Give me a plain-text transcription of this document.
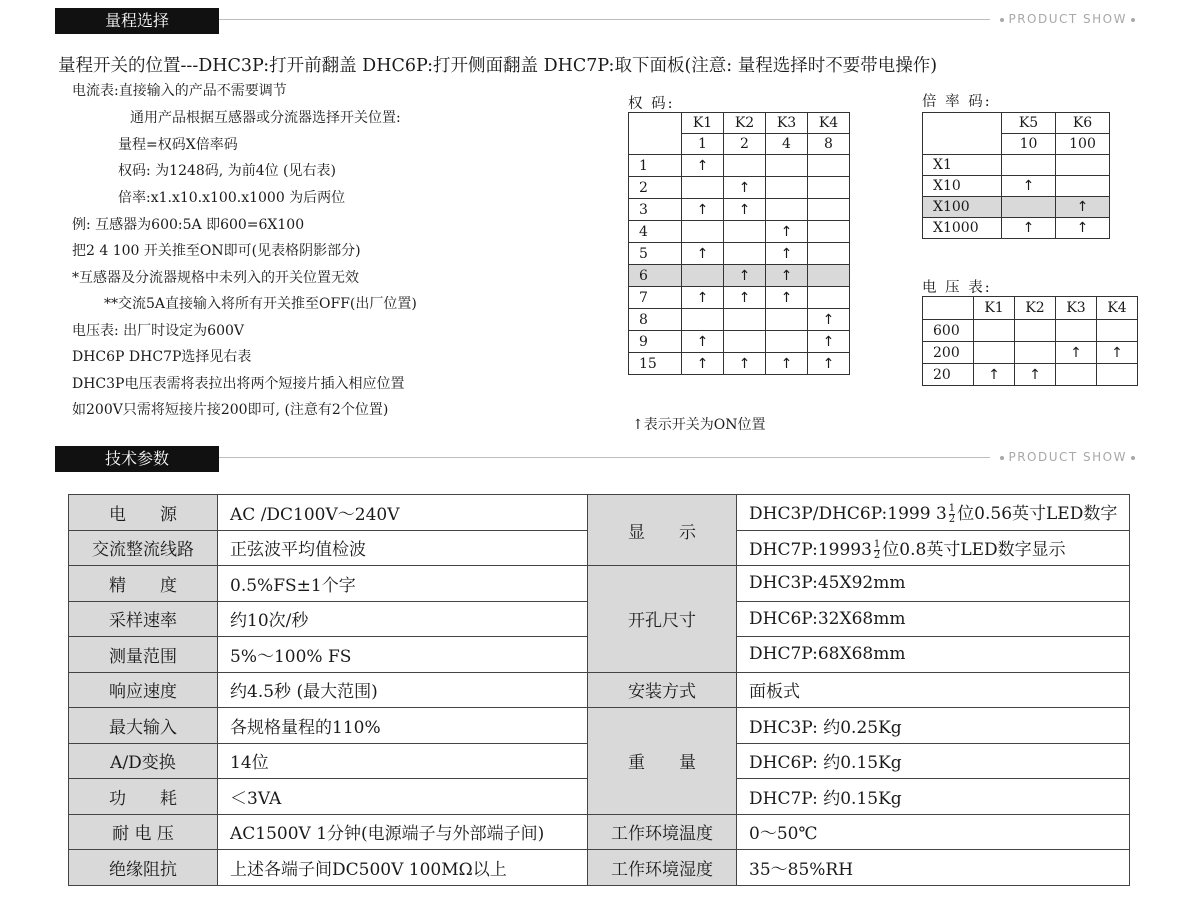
量程选择	PRODUCT SHOW
量程开关的位置---DHC3P:打开前翻盖 DHC6P:打开侧面翻盖 DHC7P:取下面板(注意: 量程选择时不要带电操作)
电流表:直接输入的产品不需要调节
通用产品根据互感器或分流器选择开关位置:
量程=权码X倍率码
权码: 为1248码, 为前4位 (见右表)
倍率:x1.x10.x100.x1000 为后两位
例: 互感器为600:5A 即600=6X100
把2 4 100 开关推至ON即可(见表格阴影部分)
*互感器及分流器规格中未列入的开关位置无效
**交流5A直接输入将所有开关推至OFF(出厂位置)
电压表: 出厂时设定为600V
DHC6P DHC7P选择见右表
DHC3P电压表需将表拉出将两个短接片插入相应位置
如200V只需将短接片接200即可, (注意有2个位置)
权 码:
	K1	K2	K3	K4
	1	2	4	8
1	↑			
2		↑		
3	↑	↑		
4			↑	
5	↑		↑	
6		↑	↑	
7	↑	↑	↑	
8				↑
9	↑			↑
15	↑	↑	↑	↑
倍 率 码:
	K5	K6
	10	100
X1		
X10	↑	
X100		↑
X1000	↑	↑
电 压 表:
	K1	K2	K3	K4
600				
200			↑	↑
20	↑	↑		
↑表示开关为ON位置
技术参数	PRODUCT SHOW
电　　源	AC /DC100V～240V	显　　示	DHC3P/DHC6P:1999 $3 \frac{1}{2}$ 位0.56英寸LED数字
交流整流线路	正弦波平均值检波		DHC7P:19993 $\frac{1}{2}$ 位0.8英寸LED数字显示
精　　度	0.5%FS±1个字	开孔尺寸	DHC3P:45X92mm
采样速率	约10次/秒		DHC6P:32X68mm
测量范围	5%～100% FS		DHC7P:68X68mm
响应速度	约4.5秒 (最大范围)	安装方式	面板式
最大输入	各规格量程的110%	重　　量	DHC3P: 约0.25Kg
A/D变换	14位		DHC6P: 约0.15Kg
功　　耗	＜3VA		DHC7P: 约0.15Kg
耐 电 压	AC1500V 1分钟(电源端子与外部端子间)	工作环境温度	0～50℃
绝缘阻抗	上述各端子间DC500V 100MΩ以上	工作环境湿度	35～85%RH
